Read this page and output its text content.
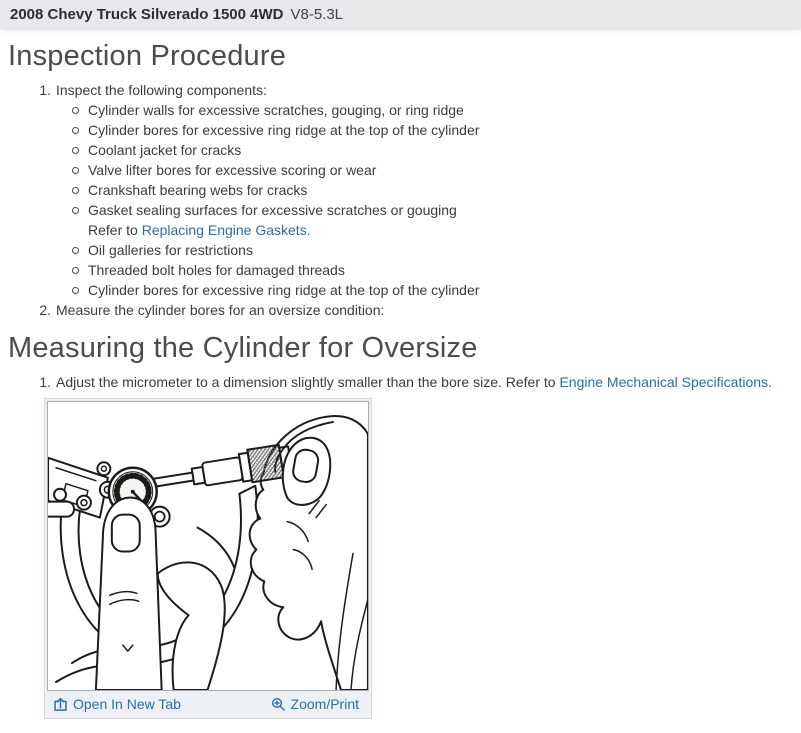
2008 Chevy Truck Silverado 1500 4WD V8-5.3L
Inspection Procedure
1. Inspect the following components:
Cylinder walls for excessive scratches, gouging, or ring ridge
Cylinder bores for excessive ring ridge at the top of the cylinder
Coolant jacket for cracks
Valve lifter bores for excessive scoring or wear
Crankshaft bearing webs for cracks
Gasket sealing surfaces for excessive scratches or gouging
Refer to Replacing Engine Gaskets.
Oil galleries for restrictions
Threaded bolt holes for damaged threads
Cylinder bores for excessive ring ridge at the top of the cylinder
2. Measure the cylinder bores for an oversize condition:
Measuring the Cylinder for Oversize
1. Adjust the micrometer to a dimension slightly smaller than the bore size. Refer to Engine Mechanical Specifications.
Open In New Tab	Zoom/Print
